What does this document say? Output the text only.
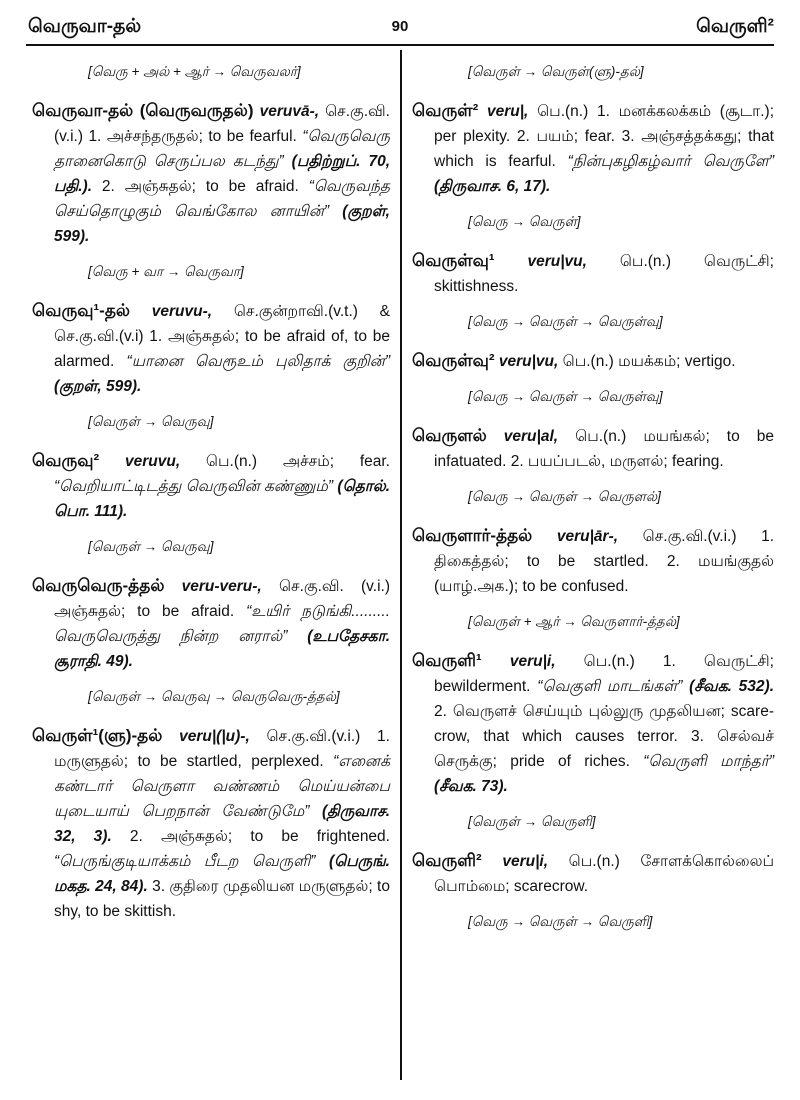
வெருவா-தல்	90	வெருளி²
[வெரு + அல் + ஆர் → வெருவலர்]

வெருவா-தல் (வெருவருதல்) veruvā-, செ.கு.வி.(v.i.) 1. அச்சந்தருதல்; to be fearful. “வெருவெரு தானைகொடு செருப்பல கடந்து” (பதிற்றுப். 70, பதி.). 2. அஞ்சுதல்; to be afraid. “வெருவந்த செய்தொழுகும் வெங்கோல னாயின்” (குறள், 599).

[வெரு + வா → வெருவா]

வெருவு¹-தல் veruvu-, செ.குன்றாவி.(v.t.) & செ.கு.வி.(v.i) 1. அஞ்சுதல்; to be afraid of, to be alarmed. “யானை வெரூஉம் புலிதாக் குறின்” (குறள், 599).

[வெருள் → வெருவு]

வெருவு² veruvu, பெ.(n.) அச்சம்; fear. “வெறியாட்டிடத்து வெருவின் கண்ணும்” (தொல். பொ. 111).

[வெருள் → வெருவு]

வெருவெரு-த்தல் veru-veru-, செ.கு.வி. (v.i.) அஞ்சுதல்; to be afraid. “உயிர் நடுங்கி......... வெருவெருத்து நின்ற னரால்” (உபதேசகா. சூராதி. 49).

[வெருள் → வெருவு → வெருவெரு-த்தல்]

வெருள்¹(ளு)-தல் veru|(|u)-, செ.கு.வி.(v.i.) 1. மருளுதல்; to be startled, perplexed. “எனைக் கண்டார் வெருளா வண்ணம் மெய்யன்பை யுடையாய் பெறநான் வேண்டுமே” (திருவாச. 32, 3). 2. அஞ்சுதல்; to be frightened. “பெருங்குடியாக்கம் பீடற வெருளி” (பெருங். மகத. 24, 84). 3. குதிரை முதலியன மருளுதல்; to shy, to be skittish.

[வெருள் → வெருள்(ளு)-தல்]

வெருள்² veru|, பெ.(n.) 1. மனக்கலக்கம் (சூடா.); per plexity. 2. பயம்; fear. 3. அஞ்சத்தக்கது; that which is fearful. “நின்புகழிகழ்வார் வெருளே” (திருவாச. 6, 17).

[வெரு → வெருள்]

வெருள்வு¹ veru|vu, பெ.(n.) வெருட்சி; skittishness.

[வெரு → வெருள் → வெருள்வு]

வெருள்வு² veru|vu, பெ.(n.) மயக்கம்; vertigo.

[வெரு → வெருள் → வெருள்வு]

வெருளல் veru|al, பெ.(n.) மயங்கல்; to be infatuated. 2. பயப்படல், மருளல்; fearing.

[வெரு → வெருள் → வெருளல்]

வெருளார்-த்தல் veru|ār-, செ.கு.வி.(v.i.) 1. திகைத்தல்; to be startled. 2. மயங்குதல் (யாழ்.அக.); to be confused.

[வெருள் + ஆர் → வெருளார்-த்தல்]

வெருளி¹ veru|i, பெ.(n.) 1. வெருட்சி; bewilderment. “வெகுளி மாடங்கள்” (சீவக. 532). 2. வெருளச் செய்யும் புல்லுரு முதலியன; scare-crow, that which causes terror. 3. செல்வச் செருக்கு; pride of riches. “வெருளி மாந்தர்” (சீவக. 73).

[வெருள் → வெருளி]

வெருளி² veru|i, பெ.(n.) சோளக்கொல்லைப் பொம்மை; scarecrow.

[வெரு → வெருள் → வெருளி]
